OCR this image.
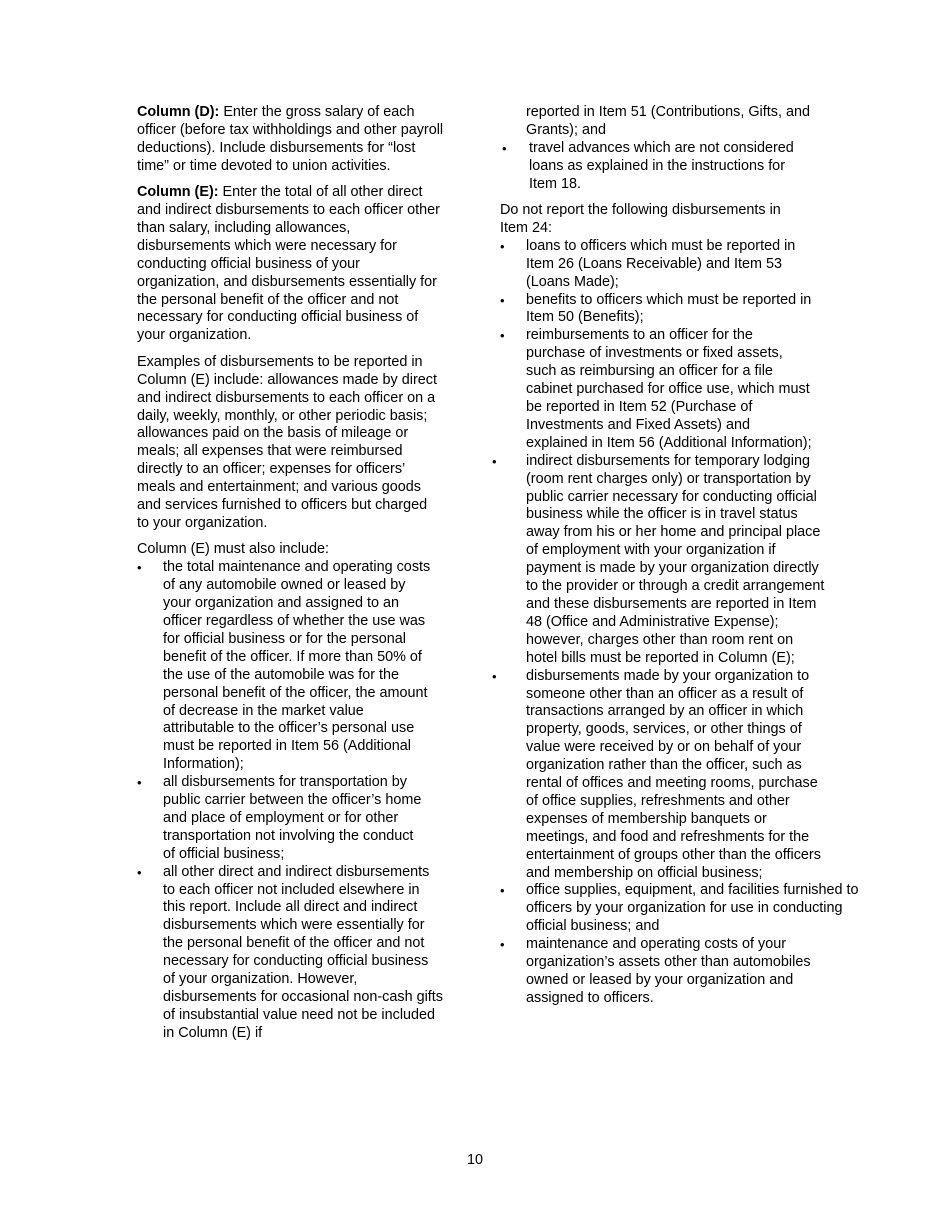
Column (D): Enter the gross salary of each officer (before tax withholdings and other payroll deductions). Include disbursements for “lost time” or time devoted to union activities.

Column (E): Enter the total of all other direct and indirect disbursements to each officer other than salary, including allowances, disbursements which were necessary for conducting official business of your organization, and disbursements essentially for the personal benefit of the officer and not necessary for conducting official business of your organization.

Examples of disbursements to be reported in Column (E) include: allowances made by direct and indirect disbursements to each officer on a daily, weekly, monthly, or other periodic basis; allowances paid on the basis of mileage or meals; all expenses that were reimbursed directly to an officer; expenses for officers’ meals and entertainment; and various goods and services furnished to officers but charged to your organization.

Column (E) must also include:

• the total maintenance and operating costs of any automobile owned or leased by your organization and assigned to an officer regardless of whether the use was for official business or for the personal benefit of the officer. If more than 50% of the use of the automobile was for the personal benefit of the officer, the amount of decrease in the market value attributable to the officer’s personal use must be reported in Item 56 (Additional Information);
• all disbursements for transportation by public carrier between the officer’s home and place of employment or for other transportation not involving the conduct of official business;
• all other direct and indirect disbursements to each officer not included elsewhere in this report. Include all direct and indirect disbursements which were essentially for the personal benefit of the officer and not necessary for conducting official business of your organization. However, disbursements for occasional non-cash gifts of insubstantial value need not be included in Column (E) if

reported in Item 51 (Contributions, Gifts, and Grants); and

• travel advances which are not considered loans as explained in the instructions for Item 18.

Do not report the following disbursements in Item 24:

• loans to officers which must be reported in Item 26 (Loans Receivable) and Item 53 (Loans Made);
• benefits to officers which must be reported in Item 50 (Benefits);
• reimbursements to an officer for the purchase of investments or fixed assets, such as reimbursing an officer for a file cabinet purchased for office use, which must be reported in Item 52 (Purchase of Investments and Fixed Assets) and explained in Item 56 (Additional Information);
• indirect disbursements for temporary lodging (room rent charges only) or transportation by public carrier necessary for conducting official business while the officer is in travel status away from his or her home and principal place of employment with your organization if payment is made by your organization directly to the provider or through a credit arrangement and these disbursements are reported in Item 48 (Office and Administrative Expense); however, charges other than room rent on hotel bills must be reported in Column (E);
• disbursements made by your organization to someone other than an officer as a result of transactions arranged by an officer in which property, goods, services, or other things of value were received by or on behalf of your organization rather than the officer, such as rental of offices and meeting rooms, purchase of office supplies, refreshments and other expenses of membership banquets or meetings, and food and refreshments for the entertainment of groups other than the officers and membership on official business;
• office supplies, equipment, and facilities furnished to officers by your organization for use in conducting official business; and
• maintenance and operating costs of your organization’s assets other than automobiles owned or leased by your organization and assigned to officers.
10
